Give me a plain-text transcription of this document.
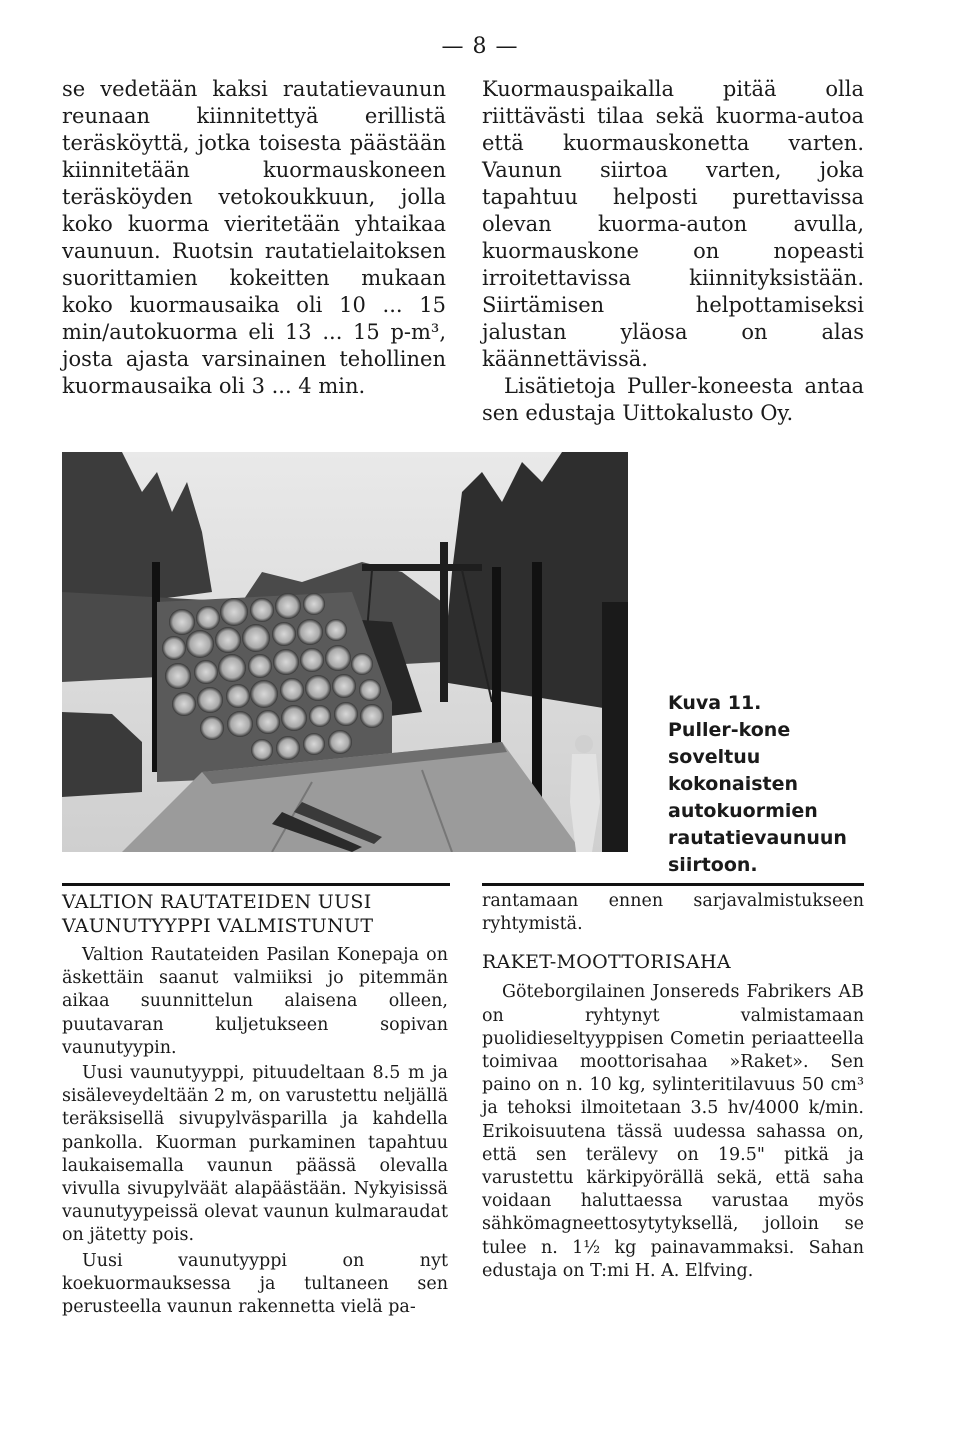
— 8 —

se vedetään kaksi rautatievaunun reunaan kiinnitettyä erillistä teräsköyttä, jotka toisesta päästään kiinnitetään kuormauskoneen teräsköyden vetokoukkuun, jolla koko kuorma vieritetään yhtaikaa vaunuun. Ruotsin rautatielaitoksen suorittamien kokeitten mukaan koko kuormausaika oli 10 ... 15 min/autokuorma eli 13 ... 15 p-m³, josta ajasta varsinainen tehollinen kuormausaika oli 3 ... 4 min.

Kuormauspaikalla pitää olla riittävästi tilaa sekä kuorma-autoa että kuormauskonetta varten. Vaunun siirtoa varten, joka tapahtuu helposti purettavissa olevan kuorma-auton avulla, kuormauskone on nopeasti irroitettavissa kiinnityksistään. Siirtämisen helpottamiseksi jalustan yläosa on alas käännettävissä.

Lisätietoja Puller-koneesta antaa sen edustaja Uittokalusto Oy.

Kuva 11.
Puller-kone soveltuu kokonaisten autokuormien rautatievaunuun siirtoon.

VALTION RAUTATEIDEN UUSI VAUNUTYYPPI VALMISTUNUT

Valtion Rautateiden Pasilan Konepaja on äskettäin saanut valmiiksi jo pitemmän aikaa suunnittelun alaisena olleen, puutavaran kuljetukseen sopivan vaunutyypin.

Uusi vaunutyyppi, pituudeltaan 8.5 m ja sisäleveydeltään 2 m, on varustettu neljällä teräksisellä sivupylväsparilla ja kahdella pankolla. Kuorman purkaminen tapahtuu laukaisemalla vaunun päässä olevalla vivulla sivupylväät alapäästään. Nykyisissä vaunutyypeissä olevat vaunun kulmaraudat on jätetty pois.

Uusi vaunutyyppi on nyt koekuormauksessa ja tultaneen sen perusteella vaunun rakennetta vielä pa-

rantamaan ennen sarjavalmistukseen ryhtymistä.

RAKET-MOOTTORISAHA

Göteborgilainen Jonsereds Fabrikers AB on ryhtynyt valmistamaan puolidieseltyyppisen Cometin periaatteella toimivaa moottorisahaa »Raket». Sen paino on n. 10 kg, sylinteritilavuus 50 cm³ ja tehoksi ilmoitetaan 3.5 hv/4000 k/min. Erikoisuutena tässä uudessa sahassa on, että sen terälevy on 19.5" pitkä ja varustettu kärkipyörällä sekä, että saha voidaan haluttaessa varustaa myös sähkömagneettosytytyksellä, jolloin se tulee n. 1½ kg painavammaksi. Sahan edustaja on T:mi H. A. Elfving.
